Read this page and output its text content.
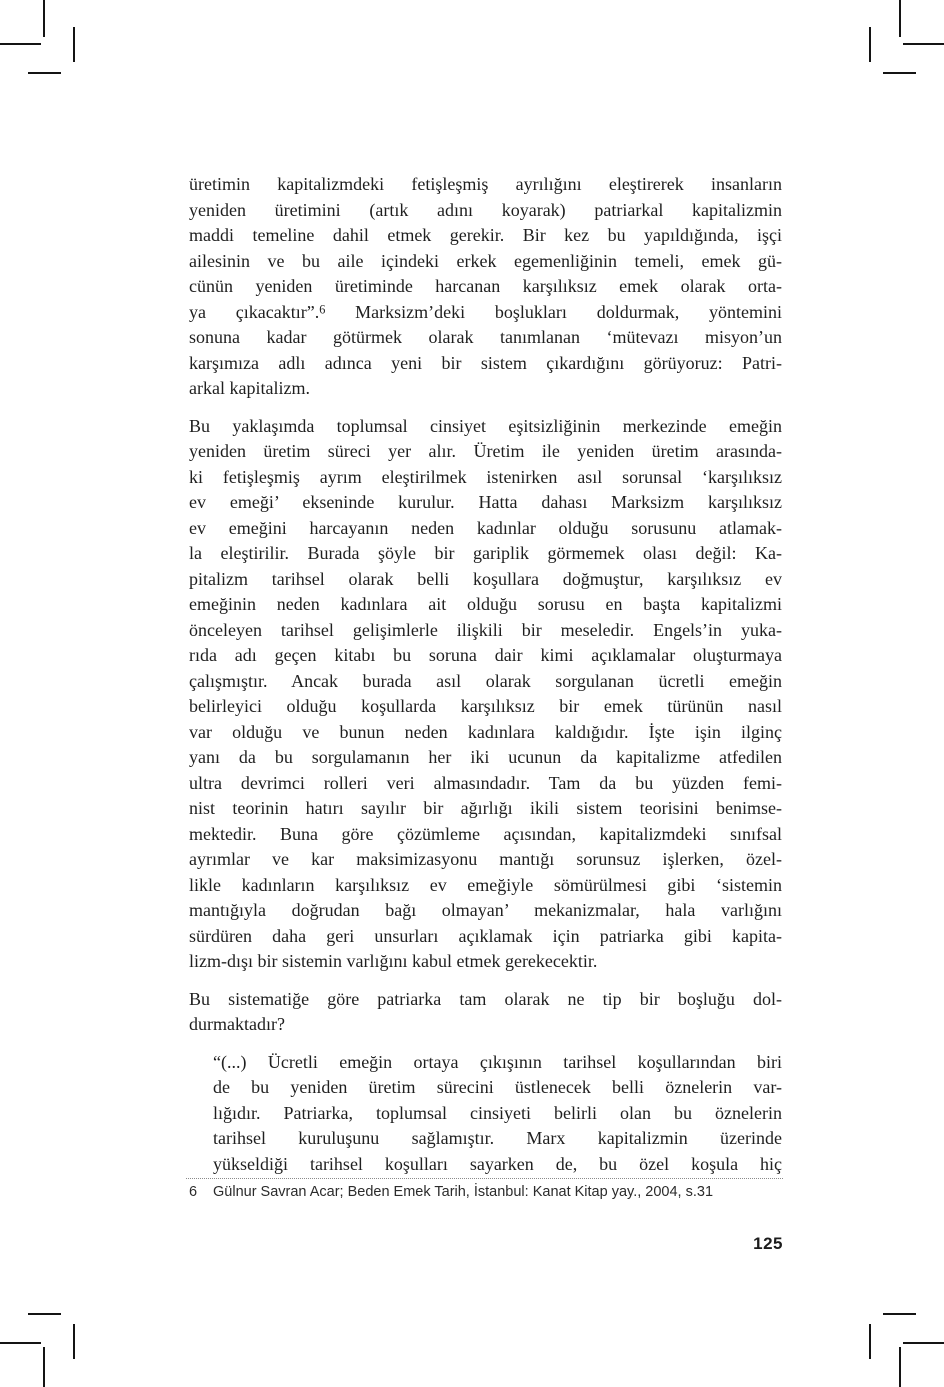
üretimin kapitalizmdeki fetişleşmiş ayrılığını eleştirerek insanların
yeniden üretimini (artık adını koyarak) patriarkal kapitalizmin
maddi temeline dahil etmek gerekir. Bir kez bu yapıldığında, işçi
ailesinin ve bu aile içindeki erkek egemenliğinin temeli, emek gü-
cünün yeniden üretiminde harcanan karşılıksız emek olarak orta-
ya çıkacaktır”.$^6$ Marksizm’deki boşlukları doldurmak, yöntemini
sonuna kadar götürmek olarak tanımlanan ‘mütevazı misyon’un
karşımıza adlı adınca yeni bir sistem çıkardığını görüyoruz: Patri-
arkal kapitalizm.
Bu yaklaşımda toplumsal cinsiyet eşitsizliğinin merkezinde emeğin
yeniden üretim süreci yer alır. Üretim ile yeniden üretim arasında-
ki fetişleşmiş ayrım eleştirilmek istenirken asıl sorunsal ‘karşılıksız
ev emeği’ ekseninde kurulur. Hatta dahası Marksizm karşılıksız
ev emeğini harcayanın neden kadınlar olduğu sorusunu atlamak-
la eleştirilir. Burada şöyle bir gariplik görmemek olası değil: Ka-
pitalizm tarihsel olarak belli koşullara doğmuştur, karşılıksız ev
emeğinin neden kadınlara ait olduğu sorusu en başta kapitalizmi
önceleyen tarihsel gelişimlerle ilişkili bir meseledir. Engels’in yuka-
rıda adı geçen kitabı bu soruna dair kimi açıklamalar oluşturmaya
çalışmıştır. Ancak burada asıl olarak sorgulanan ücretli emeğin
belirleyici olduğu koşullarda karşılıksız bir emek türünün nasıl
var olduğu ve bunun neden kadınlara kaldığıdır. İşte işin ilginç
yanı da bu sorgulamanın her iki ucunun da kapitalizme atfedilen
ultra devrimci rolleri veri almasındadır. Tam da bu yüzden femi-
nist teorinin hatırı sayılır bir ağırlığı ikili sistem teorisini benimse-
mektedir. Buna göre çözümleme açısından, kapitalizmdeki sınıfsal
ayrımlar ve kar maksimizasyonu mantığı sorunsuz işlerken, özel-
likle kadınların karşılıksız ev emeğiyle sömürülmesi gibi ‘sistemin
mantığıyla doğrudan bağı olmayan’ mekanizmalar, hala varlığını
sürdüren daha geri unsurları açıklamak için patriarka gibi kapita-
lizm-dışı bir sistemin varlığını kabul etmek gerekecektir.
Bu sistematiğe göre patriarka tam olarak ne tip bir boşluğu dol-
durmaktadır?
“(...) Ücretli emeğin ortaya çıkışının tarihsel koşullarından biri
de bu yeniden üretim sürecini üstlenecek belli öznelerin var-
lığıdır. Patriarka, toplumsal cinsiyeti belirli olan bu öznelerin
tarihsel kuruluşunu sağlamıştır. Marx kapitalizmin üzerinde
yükseldiği tarihsel koşulları sayarken de, bu özel koşula hiç
6	Gülnur Savran Acar; Beden Emek Tarih, İstanbul: Kanat Kitap yay., 2004, s.31
125
